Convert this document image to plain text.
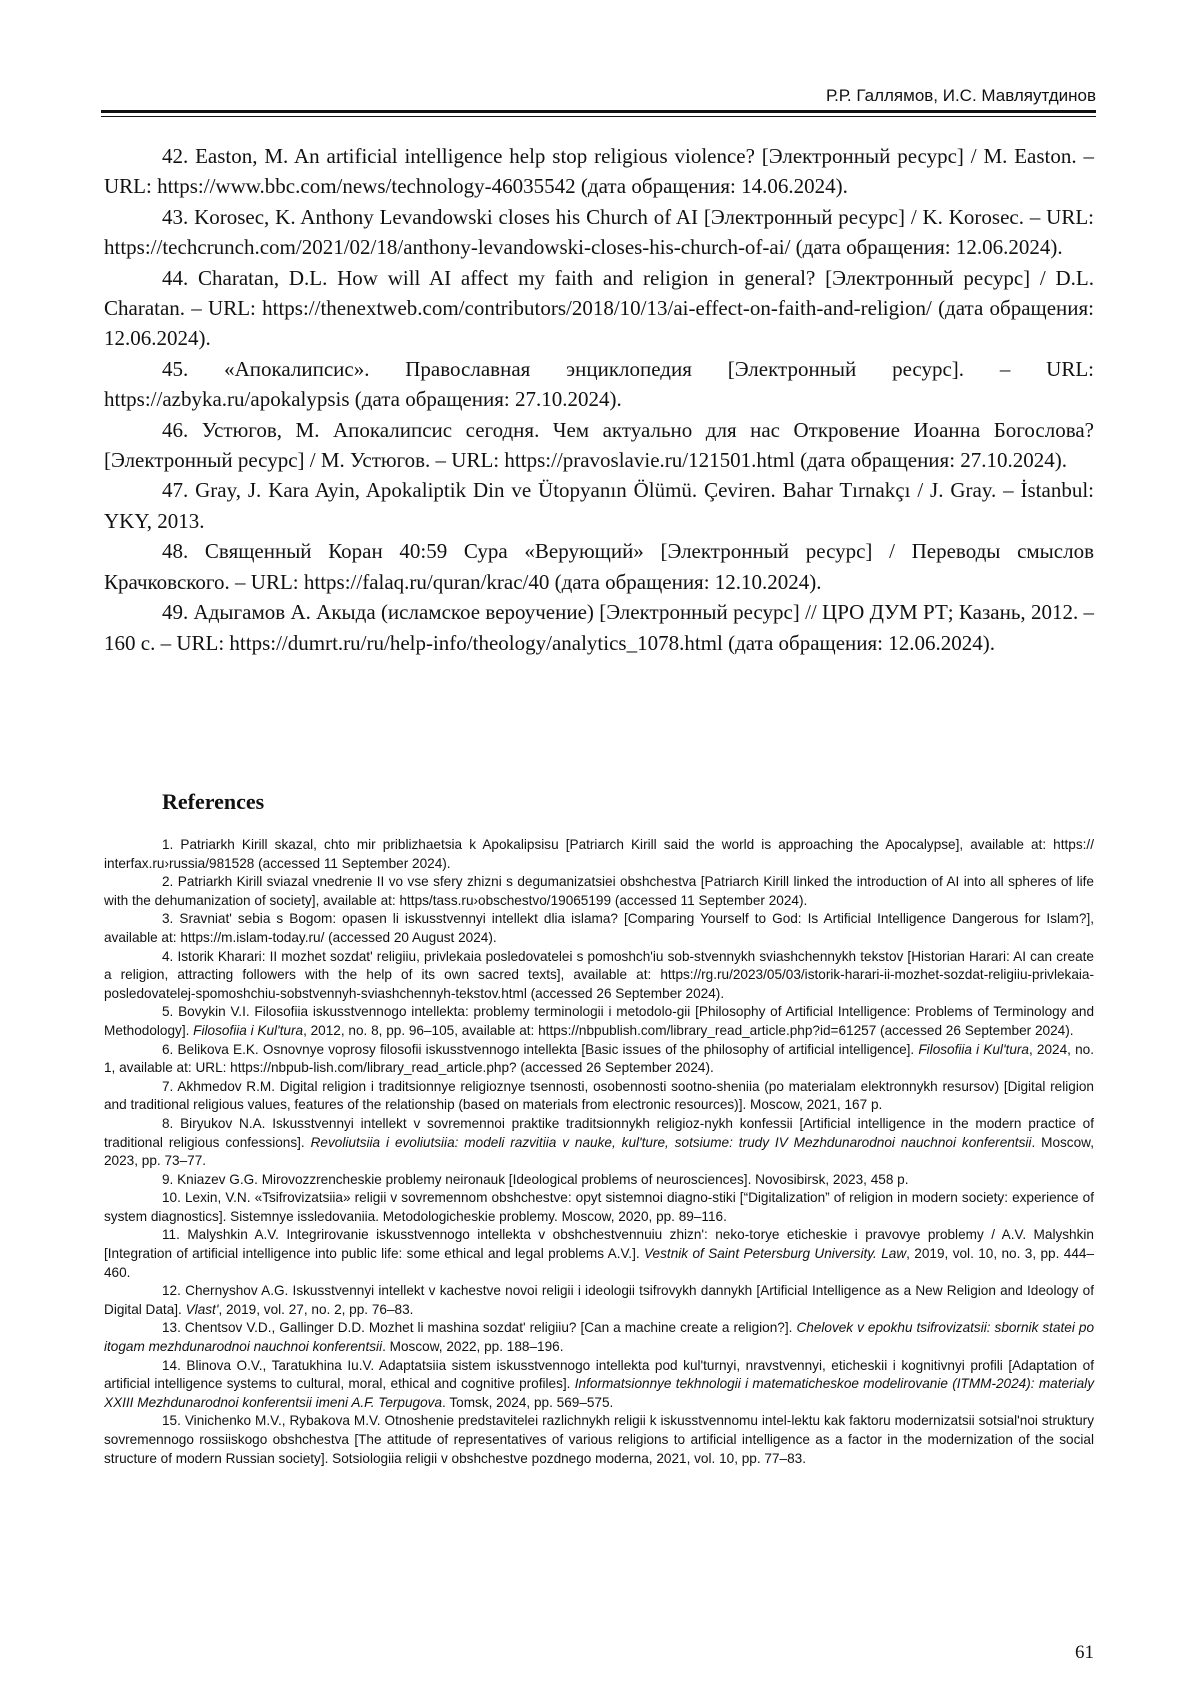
Р.Р. Галлямов, И.С. Мавляутдинов

42. Easton, M. An artificial intelligence help stop religious violence? [Электронный ресурс] / M. Easton. – URL: https://www.bbc.com/news/technology-46035542 (дата обращения: 14.06.2024).

43. Korosec, K. Anthony Levandowski closes his Church of AI [Электронный ресурс] / K. Korosec. – URL: https://techcrunch.com/2021/02/18/anthony-levandowski-closes-his-church-of-ai/ (дата обращения: 12.06.2024).

44. Charatan, D.L. How will AI affect my faith and religion in general? [Электронный ресурс] / D.L. Charatan. – URL: https://thenextweb.com/contributors/2018/10/13/ai-effect-on-faith-and-religion/ (дата обращения: 12.06.2024).

45. «Апокалипсис». Православная энциклопедия [Электронный ресурс]. – URL: https://azbyka.ru/apokalypsis (дата обращения: 27.10.2024).

46. Устюгов, М. Апокалипсис сегодня. Чем актуально для нас Откровение Иоанна Богослова? [Электронный ресурс] / М. Устюгов. – URL: https://pravoslavie.ru/121501.html (дата обращения: 27.10.2024).

47. Gray, J. Kara Ayin, Apokaliptik Din ve Ütopyanın Ölümü. Çeviren. Bahar Tırnakçı / J. Gray. – İstanbul: YKY, 2013.

48. Священный Коран 40:59 Сура «Верующий» [Электронный ресурс] / Переводы смыслов Крачковского. – URL: https://falaq.ru/quran/krac/40 (дата обращения: 12.10.2024).

49. Адыгамов А. Акыда (исламское вероучение) [Электронный ресурс] // ЦРО ДУМ РТ; Казань, 2012. – 160 с. – URL: https://dumrt.ru/ru/help-info/theology/analytics_1078.html (дата обращения: 12.06.2024).

References

1. Patriarkh Kirill skazal, chto mir priblizhaetsia k Apokalipsisu [Patriarch Kirill said the world is approaching the Apocalypse], available at: https:// interfax.ru›russia/981528 (accessed 11 September 2024).

2. Patriarkh Kirill sviazal vnedrenie II vo vse sfery zhizni s degumanizatsiei obshchestva [Patriarch Kirill linked the introduction of AI into all spheres of life with the dehumanization of society], available at: https/tass.ru›obschestvo/19065199 (accessed 11 September 2024).

3. Sravniat' sebia s Bogom: opasen li iskusstvennyi intellekt dlia islama? [Comparing Yourself to God: Is Artificial Intelligence Dangerous for Islam?], available at: https://m.islam-today.ru/ (accessed 20 August 2024).

4. Istorik Kharari: II mozhet sozdat' religiiu, privlekaia posledovatelei s pomoshch'iu sob-stvennykh sviashchennykh tekstov [Historian Harari: AI can create a religion, attracting followers with the help of its own sacred texts], available at: https://rg.ru/2023/05/03/istorik-harari-ii-mozhet-sozdat-religiiu-privlekaia-posledovatelej-spomoshchiu-sobstvennyh-sviashchennyh-tekstov.html (accessed 26 September 2024).

5. Bovykin V.I. Filosofiia iskusstvennogo intellekta: problemy terminologii i metodolo-gii [Philosophy of Artificial Intelligence: Problems of Terminology and Methodology]. Filosofiia i Kul'tura, 2012, no. 8, pp. 96–105, available at: https://nbpublish.com/library_read_article.php?id=61257 (accessed 26 September 2024).

6. Belikova E.K. Osnovnye voprosy filosofii iskusstvennogo intellekta [Basic issues of the philosophy of artificial intelligence]. Filosofiia i Kul'tura, 2024, no. 1, available at: URL: https://nbpub-lish.com/library_read_article.php? (accessed 26 September 2024).

7. Akhmedov R.M. Digital religion i traditsionnye religioznye tsennosti, osobennosti sootno-sheniia (po materialam elektronnykh resursov) [Digital religion and traditional religious values, features of the relationship (based on materials from electronic resources)]. Moscow, 2021, 167 p.

8. Biryukov N.A. Iskusstvennyi intellekt v sovremennoi praktike traditsionnykh religioz-nykh konfessii [Artificial intelligence in the modern practice of traditional religious confessions]. Revoliutsiia i evoliutsiia: modeli razvitiia v nauke, kul'ture, sotsiume: trudy IV Mezhdunarodnoi nauchnoi konferentsii. Moscow, 2023, pp. 73–77.

9. Kniazev G.G. Mirovozzrencheskie problemy neironauk [Ideological problems of neurosciences]. Novosibirsk, 2023, 458 p.

10. Lexin, V.N. «Tsifrovizatsiia» religii v sovremennom obshchestve: opyt sistemnoi diagno-stiki [“Digitalization” of religion in modern society: experience of system diagnostics]. Sistemnye issledovaniia. Metodologicheskie problemy. Moscow, 2020, pp. 89–116.

11. Malyshkin A.V. Integrirovanie iskusstvennogo intellekta v obshchestvennuiu zhizn': neko-torye eticheskie i pravovye problemy / A.V. Malyshkin [Integration of artificial intelligence into public life: some ethical and legal problems A.V.]. Vestnik of Saint Petersburg University. Law, 2019, vol. 10, no. 3, pp. 444–460.

12. Chernyshov A.G. Iskusstvennyi intellekt v kachestve novoi religii i ideologii tsifrovykh dannykh [Artificial Intelligence as a New Religion and Ideology of Digital Data]. Vlast', 2019, vol. 27, no. 2, pp. 76–83.

13. Chentsov V.D., Gallinger D.D. Mozhet li mashina sozdat' religiiu? [Can a machine create a religion?]. Chelovek v epokhu tsifrovizatsii: sbornik statei po itogam mezhdunarodnoi nauchnoi konferentsii. Moscow, 2022, pp. 188–196.

14. Blinova O.V., Taratukhina Iu.V. Adaptatsiia sistem iskusstvennogo intellekta pod kul'turnyi, nravstvennyi, eticheskii i kognitivnyi profili [Adaptation of artificial intelligence systems to cultural, moral, ethical and cognitive profiles]. Informatsionnye tekhnologii i matematicheskoe modelirovanie (ITMM-2024): materialy XXIII Mezhdunarodnoi konferentsii imeni A.F. Terpugova. Tomsk, 2024, pp. 569–575.

15. Vinichenko M.V., Rybakova M.V. Otnoshenie predstavitelei razlichnykh religii k iskusstvennomu intel-lektu kak faktoru modernizatsii sotsial'noi struktury sovremennogo rossiiskogo obshchestva [The attitude of representatives of various religions to artificial intelligence as a factor in the modernization of the social structure of modern Russian society]. Sotsiologiia religii v obshchestve pozdnego moderna, 2021, vol. 10, pp. 77–83.

61
